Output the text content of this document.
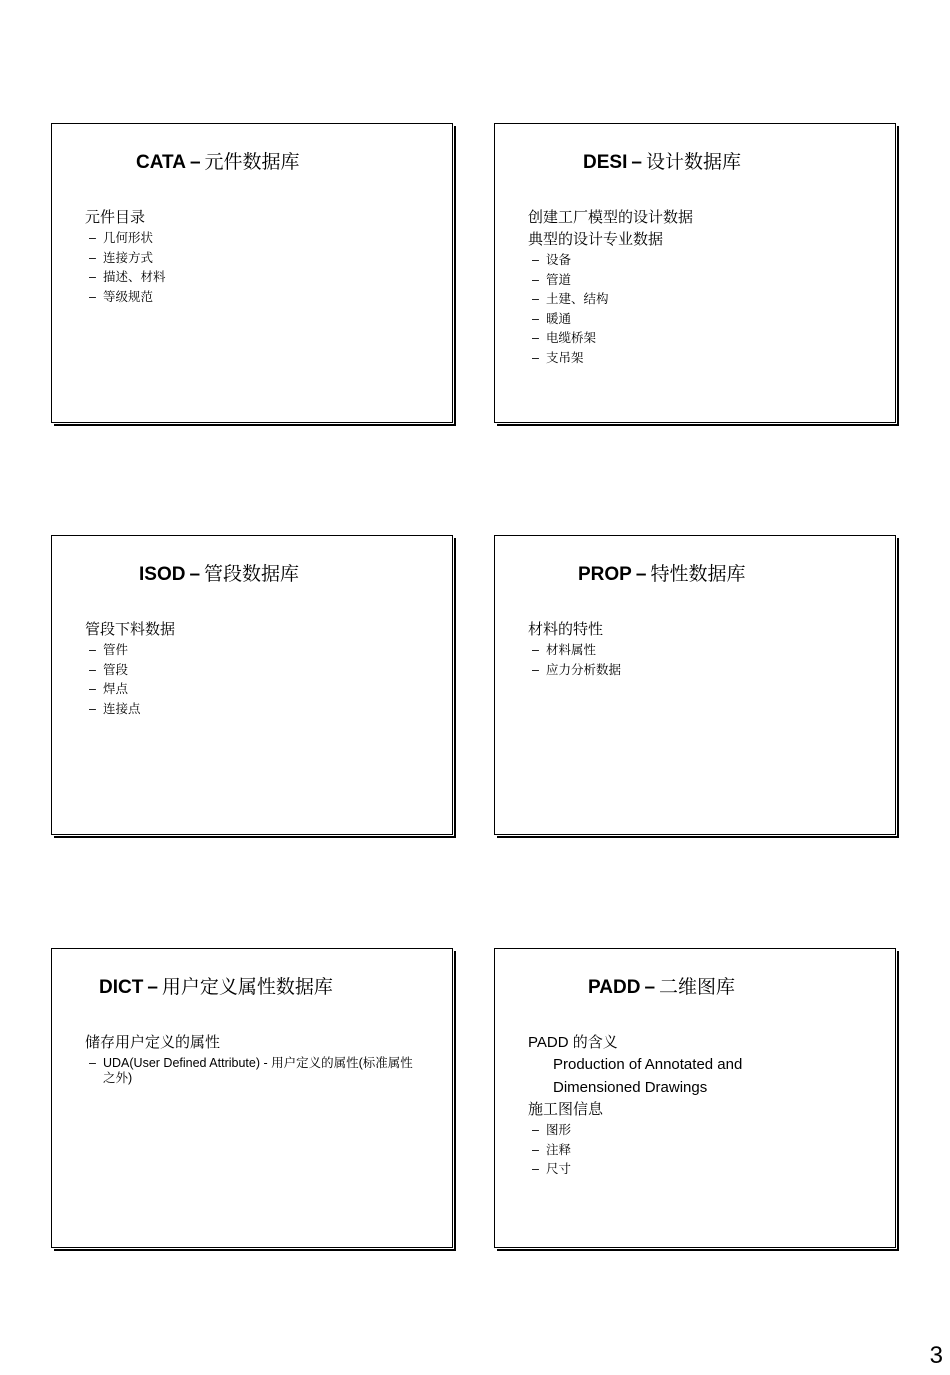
CATA – 元件数据库

元件目录

– 几何形状
– 连接方式
– 描述、材料
– 等级规范
DESI – 设计数据库

创建工厂模型的设计数据

典型的设计专业数据

– 设备
– 管道
– 土建、结构
– 暖通
– 电缆桥架
– 支吊架
ISOD – 管段数据库

管段下料数据

– 管件
– 管段
– 焊点
– 连接点
PROP – 特性数据库

材料的特性

– 材料属性
– 应力分析数据
DICT – 用户定义属性数据库

储存用户定义的属性

– UDA(User Defined Attribute) - 用户定义的属性(标准属性之外)
PADD – 二维图库

PADD 的含义

Production of Annotated and

Dimensioned Drawings

施工图信息

– 图形
– 注释
– 尺寸
3
